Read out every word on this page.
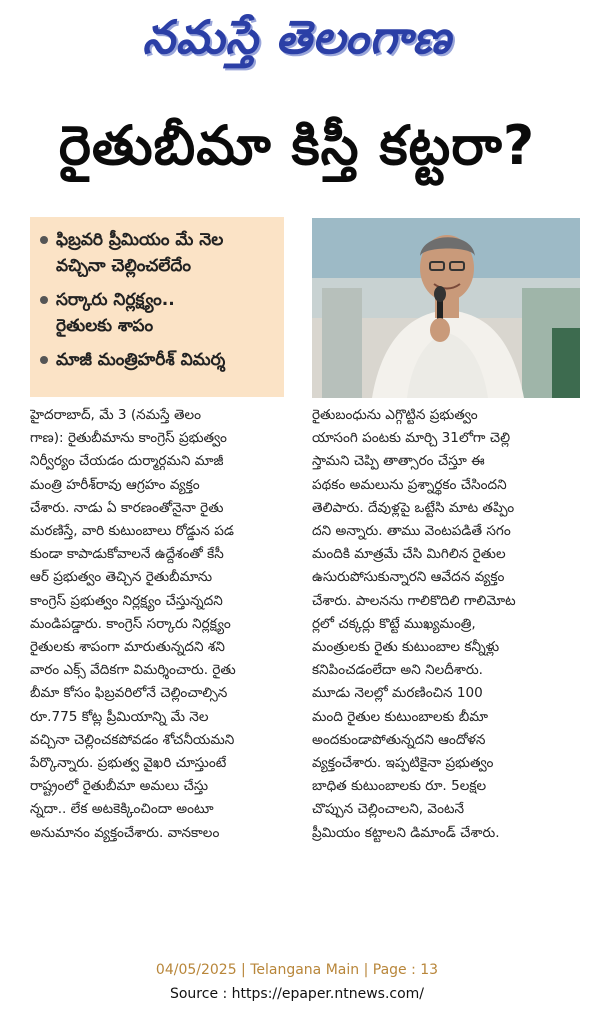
నమస్తే తెలంగాణ
రైతుబీమా కిస్తీ కట్టరా?
ఫిబ్రవరి ప్రీమియం మే నెల
వచ్చినా చెల్లించలేదేం
సర్కారు నిర్లక్ష్యం..
రైతులకు శాపం
మాజీ మంత్రిహరీశ్ విమర్శ
హైదరాబాద్, మే 3 (నమస్తే తెలం
గాణ): రైతుబీమాను కాంగ్రెస్ ప్రభుత్వం
నిర్వీర్యం చేయడం దుర్మార్గమని మాజీ
మంత్రి హరీశ్‌రావు ఆగ్రహం వ్యక్తం
చేశారు. నాడు ఏ కారణంతోనైనా రైతు
మరణిస్తే, వారి కుటుంబాలు రోడ్డున పడ
కుండా కాపాడుకోవాలనే ఉద్దేశంతో కేసీ
ఆర్ ప్రభుత్వం తెచ్చిన రైతుబీమాను
కాంగ్రెస్ ప్రభుత్వం నిర్లక్ష్యం చేస్తున్నదని
మండిపడ్డారు. కాంగ్రెస్ సర్కారు నిర్లక్ష్యం
రైతులకు శాపంగా మారుతున్నదని శని
వారం ఎక్స్ వేదికగా విమర్శించారు. రైతు
బీమా కోసం ఫిబ్రవరిలోనే చెల్లించాల్సిన
రూ.775 కోట్ల ప్రీమియాన్ని మే నెల
వచ్చినా చెల్లించకపోవడం శోచనీయమని
పేర్కొన్నారు. ప్రభుత్వ వైఖరి చూస్తుంటే
రాష్ట్రంలో రైతుబీమా అమలు చేస్తు
న్నదా.. లేక అటకెక్కించిందా అంటూ
అనుమానం వ్యక్తంచేశారు. వానకాలం
రైతుబంధును ఎగ్గొట్టిన ప్రభుత్వం
యాసంగి పంటకు మార్చి 31లోగా చెల్లి
స్తామని చెప్పి తాత్సారం చేస్తూ ఈ
పథకం అమలును ప్రశ్నార్థకం చేసిందని
తెలిపారు. దేవుళ్లపై ఒట్టేసి మాట తప్పిం
దని అన్నారు. తాము వెంటపడితే సగం
మందికి మాత్రమే చేసి మిగిలిన రైతుల
ఉసురుపోసుకున్నారని ఆవేదన వ్యక్తం
చేశారు. పాలనను గాలికొదిలి గాలిమోట
ర్లలో చక్కర్లు కొట్టే ముఖ్యమంత్రి,
మంత్రులకు రైతు కుటుంబాల కన్నీళ్లు
కనిపించడంలేదా అని నిలదీశారు.
మూడు నెలల్లో మరణించిన 100
మంది రైతుల కుటుంబాలకు బీమా
అందకుండాపోతున్నదని ఆందోళన
వ్యక్తంచేశారు. ఇప్పటికైనా ప్రభుత్వం
బాధిత కుటుంబాలకు రూ. 5లక్షల
చొప్పున చెల్లించాలని, వెంటనే
ప్రీమియం కట్టాలని డిమాండ్ చేశారు.
04/05/2025 | Telangana Main | Page : 13
Source : https://epaper.ntnews.com/
